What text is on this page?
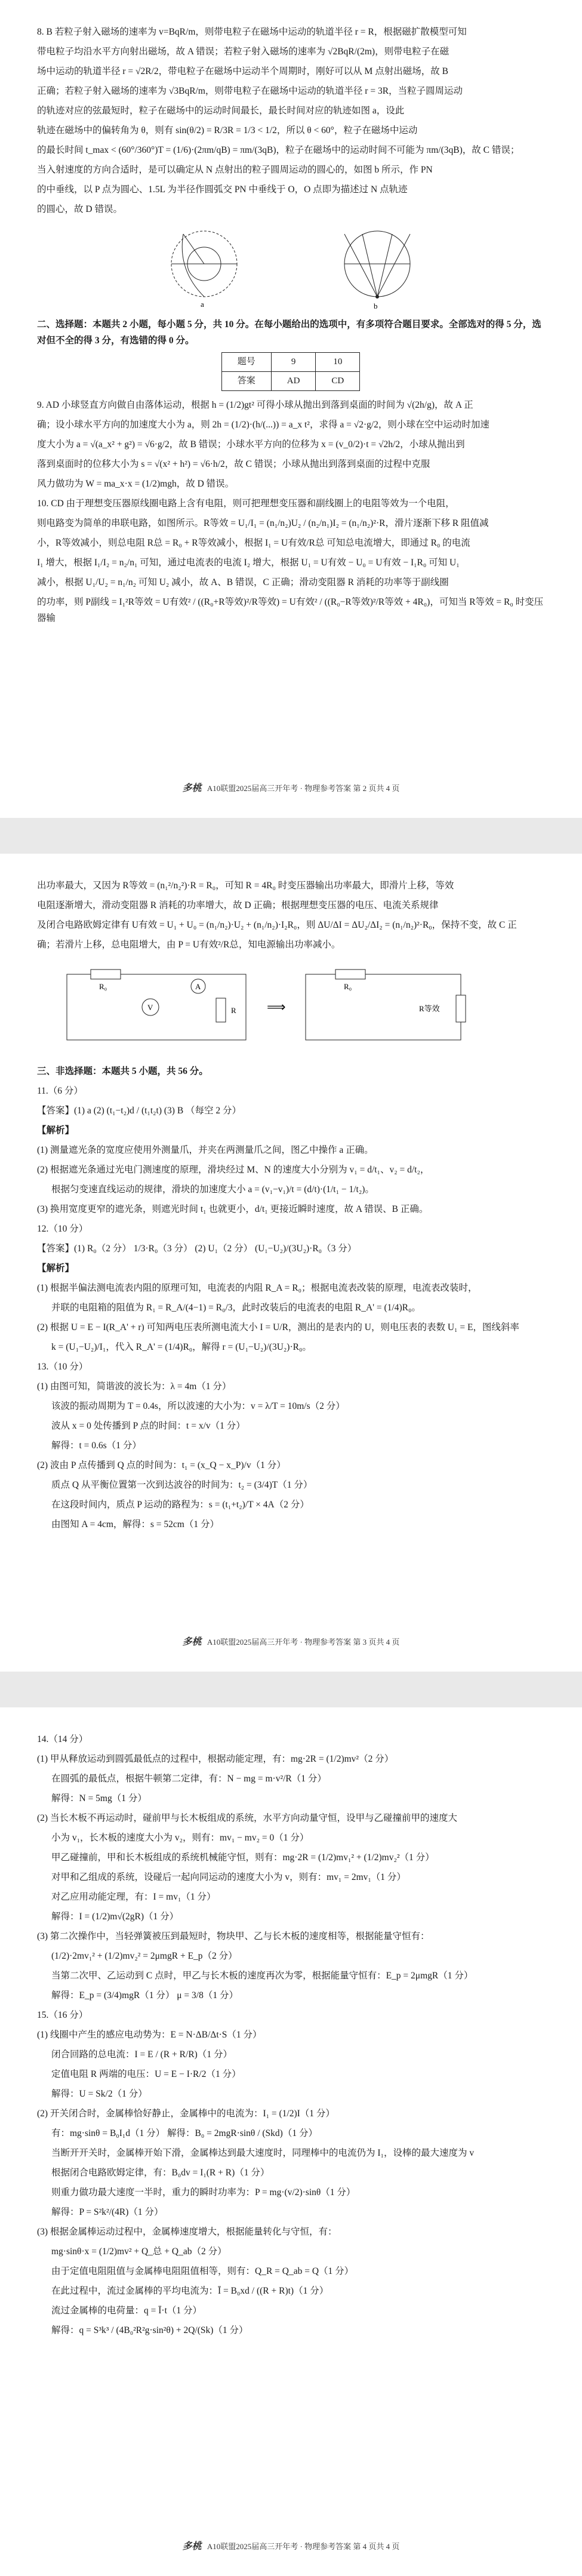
8. B 若粒子射入磁场的速率为 v=BqR/m，则带电粒子在磁场中运动的轨道半径 r = R，根据磁扩散模型可知

带电粒子均沿水平方向射出磁场，故 A 错误；若粒子射入磁场的速率为 √2BqR/(2m)，则带电粒子在磁

场中运动的轨道半径 r = √2R/2，带电粒子在磁场中运动半个周期时，刚好可以从 M 点射出磁场，故 B

正确；若粒子射入磁场的速率为 √3BqR/m，则带电粒子在磁场中运动的轨道半径 r = 3R，当粒子圆周运动

的轨迹对应的弦最短时，粒子在磁场中的运动时间最长，最长时间对应的轨迹如图 a，设此

轨迹在磁场中的偏转角为 θ，则有 sin(θ/2) = R/3R = 1/3 < 1/2，所以 θ < 60°，粒子在磁场中运动

的最长时间 t_max < (60°/360°)T = (1/6)·(2πm/qB) = πm/(3qB)，粒子在磁场中的运动时间不可能为 πm/(3qB)，故 C 错误；

当入射速度的方向合适时，是可以确定从 N 点射出的粒子圆周运动的圆心的，如图 b 所示，作 PN

的中垂线，以 P 点为圆心、1.5L 为半径作圆弧交 PN 中垂线于 O，O 点即为描述过 N 点轨迹

的圆心，故 D 错误。

a	b

二、选择题：本题共 2 小题，每小题 5 分，共 10 分。在每小题给出的选项中，有多项符合题目要求。全部选对的得 5 分，选对但不全的得 3 分，有选错的得 0 分。

题号	9	10
答案	AD	CD

9. AD 小球竖直方向做自由落体运动，根据 h = (1/2)gt² 可得小球从抛出到落到桌面的时间为 √(2h/g)，故 A 正

确；设小球水平方向的加速度大小为 a，则 2h = (1/2)·(h/(...)) = a_x t²，求得 a = √2·g/2，则小球在空中运动时加速

度大小为 a = √(a_x² + g²) = √6·g/2，故 B 错误；小球水平方向的位移为 x = (v_0/2)·t = √2h/2，小球从抛出到

落到桌面时的位移大小为 s = √(x² + h²) = √6·h/2，故 C 错误；小球从抛出到落到桌面的过程中克服

风力做功为 W = ma_x·x = (1/2)mgh，故 D 错误。

10. CD 由于理想变压器原线圈电路上含有电阻，则可把理想变压器和副线圈上的电阻等效为一个电阻，

则电路变为简单的串联电路，如图所示。R等效 = U₁/I₁ = (n₁/n₂)U₂ / (n₂/n₁)I₂ = (n₁/n₂)²·R，滑片逐渐下移 R 阻值减

小，R等效减小，则总电阻 R总 = R₀ + R等效减小，根据 I₁ = U有效/R总 可知总电流增大，即通过 R₀ 的电流

I₁ 增大，根据 I₁/I₂ = n₂/n₁ 可知，通过电流表的电流 I₂ 增大，根据 U₁ = U有效 − U₀ = U有效 − I₁R₀ 可知 U₁

减小，根据 U₁/U₂ = n₁/n₂ 可知 U₂ 减小，故 A、B 错误，C 正确；滑动变阻器 R 消耗的功率等于副线圈

的功率，则 P副线 = I₁²R等效 = U有效² / ((R₀+R等效)²/R等效) = U有效² / ((R₀−R等效)²/R等效 + 4R₀)，可知当 R等效 = R₀ 时变压器输

多桃 A10联盟2025届高三开年考 · 物理参考答案 第 2 页共 4 页

出功率最大，又因为 R等效 = (n₁²/n₂²)·R = R₀，可知 R = 4R₀ 时变压器输出功率最大，即滑片上移，等效

电阻逐渐增大，滑动变阻器 R 消耗的功率增大，故 D 正确；根据理想变压器的电压、电流关系规律

及闭合电路欧姆定律有 U有效 = U₁ + U₀ = (n₁/n₂)·U₂ + (n₁/n₂)·I₂R₀，则 ΔU/ΔI = ΔU₂/ΔI₂ = (n₁/n₂)²·R₀，保持不变，故 C 正

确；若滑片上移，总电阻增大，由 P = U有效²/R总，知电源输出功率减小。

R₀
V
A
R ⟹
R₀
R等效

三、非选择题：本题共 5 小题，共 56 分。

11.（6 分）

【答案】(1) a (2) (t₁−t₂)d / (t₁t₂t) (3) B （每空 2 分）

【解析】

(1) 测量遮光条的宽度应使用外测量爪，并夹在两测量爪之间，图乙中操作 a 正确。

(2) 根据遮光条通过光电门测速度的原理，滑块经过 M、N 的速度大小分别为 v₁ = d/t₁、v₂ = d/t₂，

根据匀变速直线运动的规律，滑块的加速度大小 a = (v₁−v₁)/t = (d/t)·(1/t₁ − 1/t₂)。

(3) 换用宽度更窄的遮光条，则遮光时间 t₁ 也就更小，d/t₁ 更接近瞬时速度，故 A 错误、B 正确。

12.（10 分）

【答案】(1) R₀（2 分） 1/3·R₀（3 分） (2) U₁（2 分） (U₁−U₂)/(3U₂)·R₀（3 分）

【解析】

(1) 根据半偏法测电流表内阻的原理可知，电流表的内阻 R_A = R₀；根据电流表改装的原理，电流表改装时，

并联的电阻箱的阻值为 R₁ = R_A/(4−1) = R₀/3，此时改装后的电流表的电阻 R_A' = (1/4)R₀。

(2) 根据 U = E − I(R_A' + r) 可知两电压表所测电流大小 I = U/R，测出的是表内的 U，则电压表的表数 U₁ = E，图线斜率

k = (U₁−U₂)/I₁，代入 R_A' = (1/4)R₀，解得 r = (U₁−U₂)/(3U₂)·R₀。

13.（10 分）

(1) 由图可知，简谐波的波长为：λ = 4m（1 分）

该波的振动周期为 T = 0.4s，所以波速的大小为：v = λ/T = 10m/s（2 分）

波从 x = 0 处传播到 P 点的时间：t = x/v（1 分）

解得：t = 0.6s（1 分）

(2) 波由 P 点传播到 Q 点的时间为：t₁ = (x_Q − x_P)/v（1 分）

质点 Q 从平衡位置第一次到达波谷的时间为：t₂ = (3/4)T（1 分）

在这段时间内，质点 P 运动的路程为：s = (t₁+t₂)/T × 4A（2 分）

由图知 A = 4cm，解得：s = 52cm（1 分）

多桃 A10联盟2025届高三开年考 · 物理参考答案 第 3 页共 4 页

14.（14 分）

(1) 甲从释放运动到圆弧最低点的过程中，根据动能定理，有：mg·2R = (1/2)mv²（2 分）

在圆弧的最低点，根据牛顿第二定律，有：N − mg = m·v²/R（1 分）

解得：N = 5mg（1 分）

(2) 当长木板不再运动时，碰前甲与长木板组成的系统，水平方向动量守恒，设甲与乙碰撞前甲的速度大

小为 v₁，长木板的速度大小为 v₂，则有：mv₁ − mv₂ = 0（1 分）

甲乙碰撞前，甲和长木板组成的系统机械能守恒，则有：mg·2R = (1/2)mv₁² + (1/2)mv₂²（1 分）

对甲和乙组成的系统，设碰后一起向同运动的速度大小为 v，则有：mv₁ = 2mv₁（1 分）

对乙应用动能定理，有：I = mv₁（1 分）

解得：I = (1/2)m√(2gR)（1 分）

(3) 第二次操作中，当轻弹簧被压到最短时，物块甲、乙与长木板的速度相等，根据能量守恒有：

(1/2)·2mv₁² + (1/2)mv₂² = 2μmgR + E_p（2 分）

当第二次甲、乙运动到 C 点时，甲乙与长木板的速度再次为零，根据能量守恒有：E_p = 2μmgR（1 分）

解得：E_p = (3/4)mgR（1 分） μ = 3/8（1 分）

15.（16 分）

(1) 线圈中产生的感应电动势为：E = N·ΔB/Δt·S（1 分）

闭合回路的总电流：I = E / (R + R/R)（1 分）

定值电阻 R 两端的电压：U = E − I·R/2（1 分）

解得：U = Sk/2（1 分）

(2) 开关闭合时，金属棒恰好静止，金属棒中的电流为：I₁ = (1/2)I（1 分）

有：mg·sinθ = B₀I₁d（1 分） 解得：B₀ = 2mgR·sinθ / (Skd)（1 分）

当断开开关时，金属棒开始下滑，金属棒达到最大速度时，同理棒中的电流仍为 I₁，设棒的最大速度为 v

根据闭合电路欧姆定律，有：B₀dv = I₁(R + R)（1 分）

则重力做功最大速度一半时，重力的瞬时功率为：P = mg·(v/2)·sinθ（1 分）

解得：P = S²k²/(4R)（1 分）

(3) 根据金属棒运动过程中，金属棒速度增大，根据能量转化与守恒，有：

mg·sinθ·x = (1/2)mv² + Q_总 + Q_ab（2 分）

由于定值电阻阻值与金属棒电阻阻值相等，则有：Q_R = Q_ab = Q（1 分）

在此过程中，流过金属棒的平均电流为：Ī = B₀xd / ((R + R)t)（1 分）

流过金属棒的电荷量：q = Ī·t（1 分）

解得：q = S³k³ / (4B₀²R²g·sin²θ) + 2Q/(Sk)（1 分）

多桃 A10联盟2025届高三开年考 · 物理参考答案 第 4 页共 4 页
